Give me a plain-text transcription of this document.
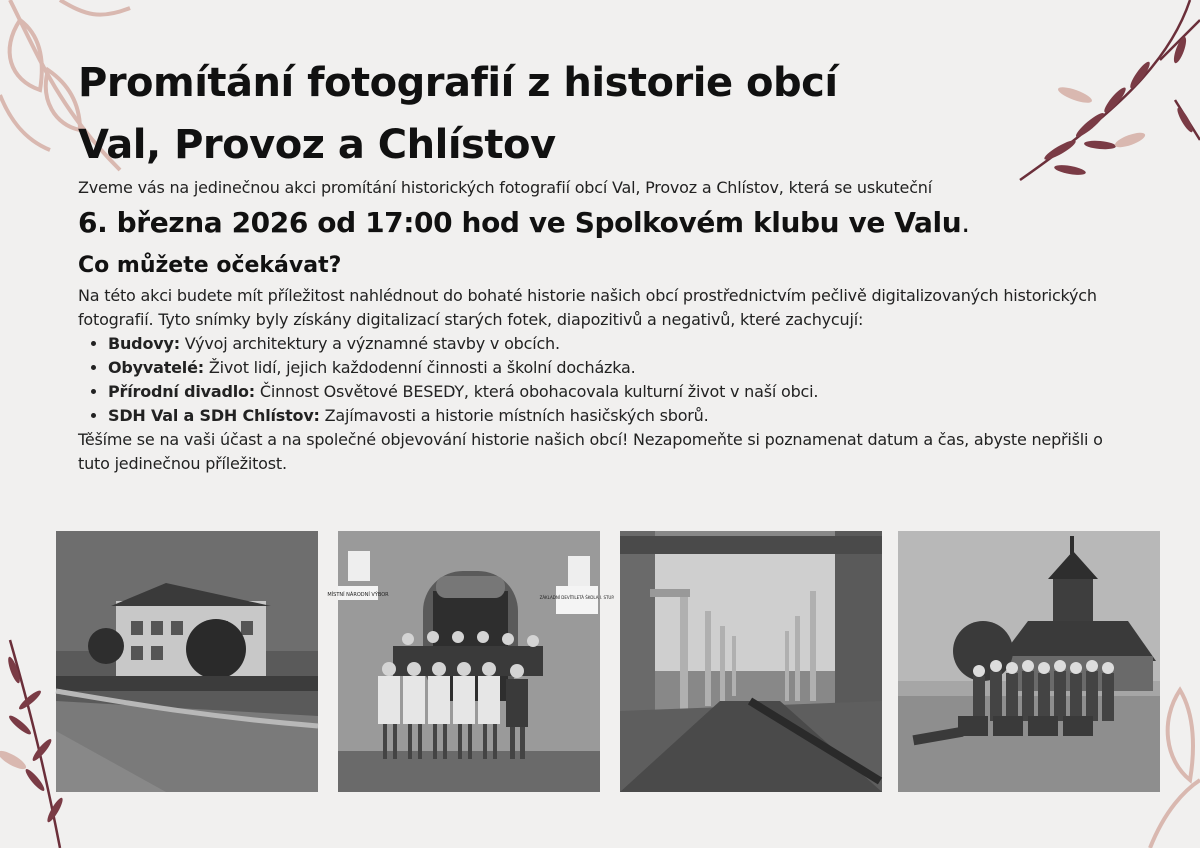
Promítání fotografií z historie obcí
Val, Provoz a Chlístov
Zveme vás na jedinečnou akci promítání historických fotografií obcí Val, Provoz a Chlístov, která se uskuteční
6. března 2026 od 17:00 hod ve Spolkovém klubu ve Valu.
Co můžete očekávat?

Na této akci budete mít příležitost nahlédnout do bohaté historie našich obcí prostřednictvím pečlivě digitalizovaných historických fotografií. Tyto snímky byly získány digitalizací starých fotek, diapozitivů a negativů, které zachycují:

• Budovy: Vývoj architektury a významné stavby v obcích.
• Obyvatelé: Život lidí, jejich každodenní činnosti a školní docházka.
• Přírodní divadlo: Činnost Osvětové BESEDY, která obohacovala kulturní život v naší obci.
• SDH Val a SDH Chlístov: Zajímavosti a historie místních hasičských sborů.

Těšíme se na vaši účast a na společné objevování historie našich obcí! Nezapomeňte si poznamenat datum a čas, abyste nepřišli o tuto jedinečnou příležitost.

MÍSTNÍ NÁRODNÍ VÝBOR	ZÁKLADNÍ DEVÍTILETÁ ŠKOLA I. STUP.
